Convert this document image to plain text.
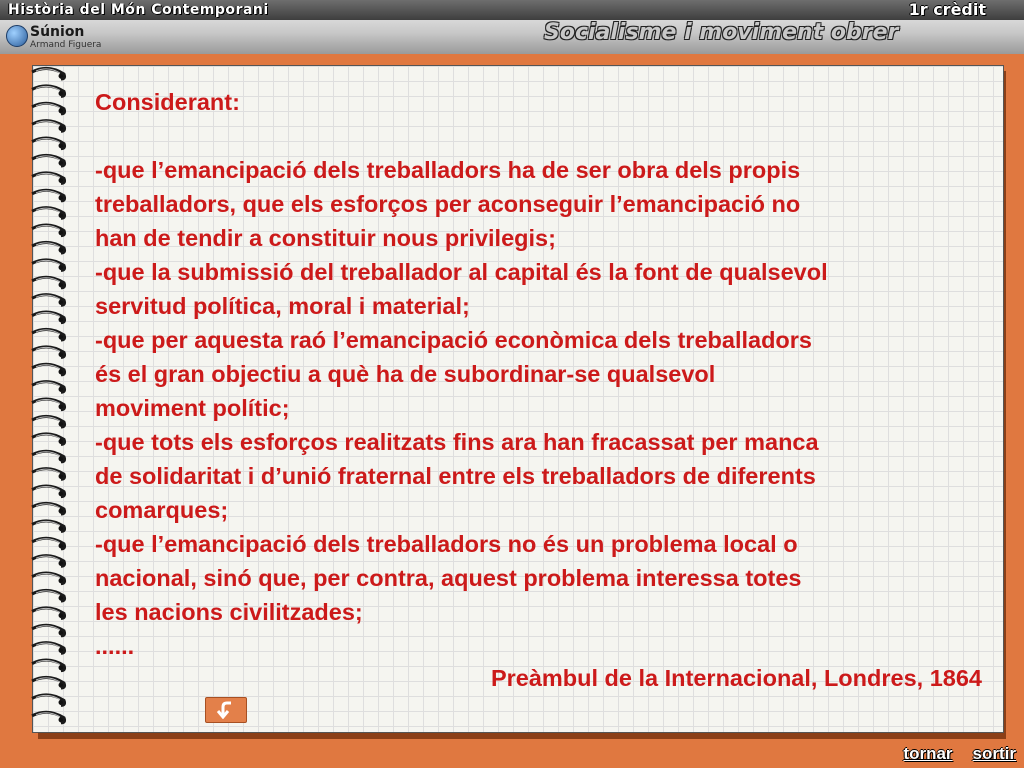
Història del Món Contemporani	1r crèdit
Súnion
Armand Figuera	Socialisme i moviment obrer

Considerant:

-que l’emancipació dels treballadors ha de ser obra dels propis

treballadors, que els esforços per aconseguir l’emancipació no

han de tendir a constituir nous privilegis;

-que la submissió del treballador al capital és la font de qualsevol

servitud política, moral i material;

-que per aquesta raó l’emancipació econòmica dels treballadors

és el gran objectiu a què ha de subordinar-se qualsevol

moviment polític;

-que tots els esforços realitzats fins ara han fracassat per manca

de solidaritat i d’unió fraternal entre els treballadors de diferents

comarques;

-que l’emancipació dels treballadors no és un problema local o

nacional, sinó que, per contra, aquest problema interessa totes

les nacions civilitzades;

......

Preàmbul de la Internacional, Londres, 1864
tornar sortir
